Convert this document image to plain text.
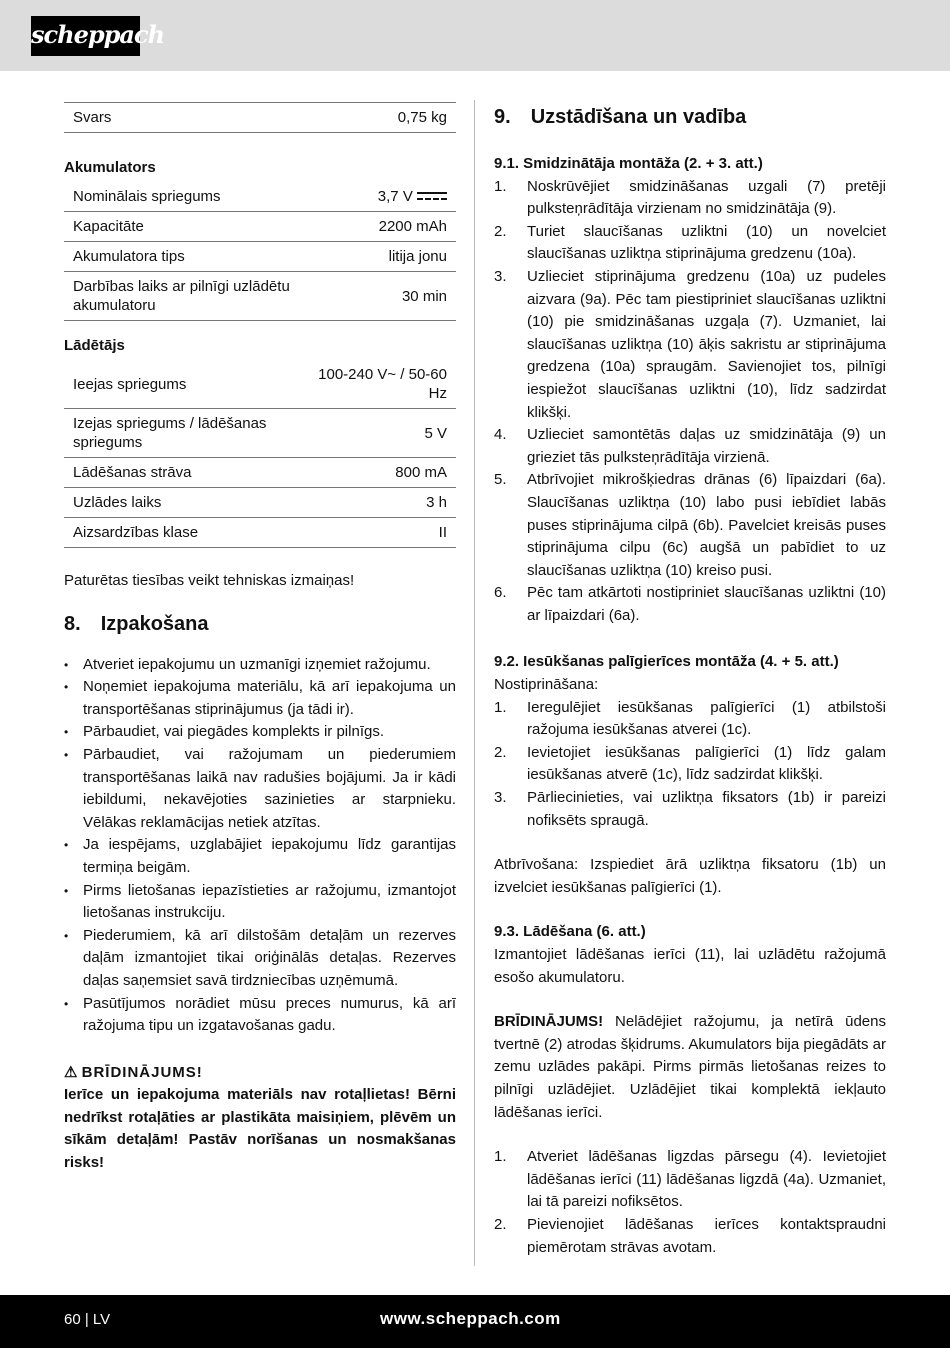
scheppach
Svars	0,75 kg
Akumulators
Nominālais spriegums	3,7 V

Kapacitāte	2200 mAh
Akumulatora tips	litija jonu
Darbības laiks ar pilnīgi uzlādētu akumulatoru	30 min
Lādētājs
Ieejas spriegums	100-240 V~ / 50-60 Hz
Izejas spriegums / lādēšanas spriegums	5 V
Lādēšanas strāva	800 mA
Uzlādes laiks	3 h
Aizsardzības klase	II

Paturētas tiesības veikt tehniskas izmaiņas!

8. Izpakošana
• Atveriet iepakojumu un uzmanīgi izņemiet ražojumu.
• Noņemiet iepakojuma materiālu, kā arī iepakojuma un transportēšanas stiprinājumus (ja tādi ir).
• Pārbaudiet, vai piegādes komplekts ir pilnīgs.
• Pārbaudiet, vai ražojumam un piederumiem transportēšanas laikā nav radušies bojājumi. Ja ir kādi iebildumi, nekavējoties sazinieties ar starpnieku. Vēlākas reklamācijas netiek atzītas.
• Ja iespējams, uzglabājiet iepakojumu līdz garantijas termiņa beigām.
• Pirms lietošanas iepazīstieties ar ražojumu, izmantojot lietošanas instrukciju.
• Piederumiem, kā arī dilstošām detaļām un rezerves daļām izmantojiet tikai oriģinālās detaļas. Rezerves daļas saņemsiet savā tirdzniecības uzņēmumā.
• Pasūtījumos norādiet mūsu preces numurus, kā arī ražojuma tipu un izgatavošanas gadu.
⚠ BRĪDINĀJUMS!
Ierīce un iepakojuma materiāls nav rotaļlietas! Bērni nedrīkst rotaļāties ar plastikāta maisiņiem, plēvēm un sīkām detaļām! Pastāv norīšanas un nosmakšanas risks!
9. Uzstādīšana un vadība

9.1. Smidzinātāja montāža (2. + 3. att.)

1. Noskrūvējiet smidzināšanas uzgali (7) pretēji pulksteņrādītāja virzienam no smidzinātāja (9).
2. Turiet slaucīšanas uzliktni (10) un novelciet slaucīšanas uzliktņa stiprinājuma gredzenu (10a).
3. Uzlieciet stiprinājuma gredzenu (10a) uz pudeles aizvara (9a). Pēc tam piestipriniet slaucīšanas uzliktni (10) pie smidzināšanas uzgaļa (7). Uzmaniet, lai slaucīšanas uzliktņa (10) āķis sakristu ar stiprinājuma gredzena (10a) spraugām. Savienojiet tos, pilnīgi iespiežot slaucīšanas uzliktni (10), līdz sadzirdat klikšķi.
4. Uzlieciet samontētās daļas uz smidzinātāja (9) un grieziet tās pulksteņrādītāja virzienā.
5. Atbrīvojiet mikrošķiedras drānas (6) līpaizdari (6a). Slaucīšanas uzliktņa (10) labo pusi iebīdiet labās puses stiprinājuma cilpā (6b). Pavelciet kreisās puses stiprinājuma cilpu (6c) augšā un pabīdiet to uz slaucīšanas uzliktņa (10) kreiso pusi.
6. Pēc tam atkārtoti nostipriniet slaucīšanas uzliktni (10) ar līpaizdari (6a).

9.2. Iesūkšanas palīgierīces montāža (4. + 5. att.)

Nostiprināšana:

1. Ieregulējiet iesūkšanas palīgierīci (1) atbilstoši ražojuma iesūkšanas atverei (1c).
2. Ievietojiet iesūkšanas palīgierīci (1) līdz galam iesūkšanas atverē (1c), līdz sadzirdat klikšķi.
3. Pārliecinieties, vai uzliktņa fiksators (1b) ir pareizi nofiksēts spraugā.

Atbrīvošana: Izspiediet ārā uzliktņa fiksatoru (1b) un izvelciet iesūkšanas palīgierīci (1).

9.3. Lādēšana (6. att.)

Izmantojiet lādēšanas ierīci (11), lai uzlādētu ražojumā esošo akumulatoru.

BRĪDINĀJUMS! Nelādējiet ražojumu, ja netīrā ūdens tvertnē (2) atrodas šķidrums. Akumulators bija piegādāts ar zemu uzlādes pakāpi. Pirms pirmās lietošanas reizes to pilnīgi uzlādējiet. Uzlādējiet tikai komplektā iekļauto lādēšanas ierīci.

1. Atveriet lādēšanas ligzdas pārsegu (4). Ievietojiet lādēšanas ierīci (11) lādēšanas ligzdā (4a). Uzmaniet, lai tā pareizi nofiksētos.
2. Pievienojiet lādēšanas ierīces kontaktspraudni piemērotam strāvas avotam.
60 | LV	www.scheppach.com
